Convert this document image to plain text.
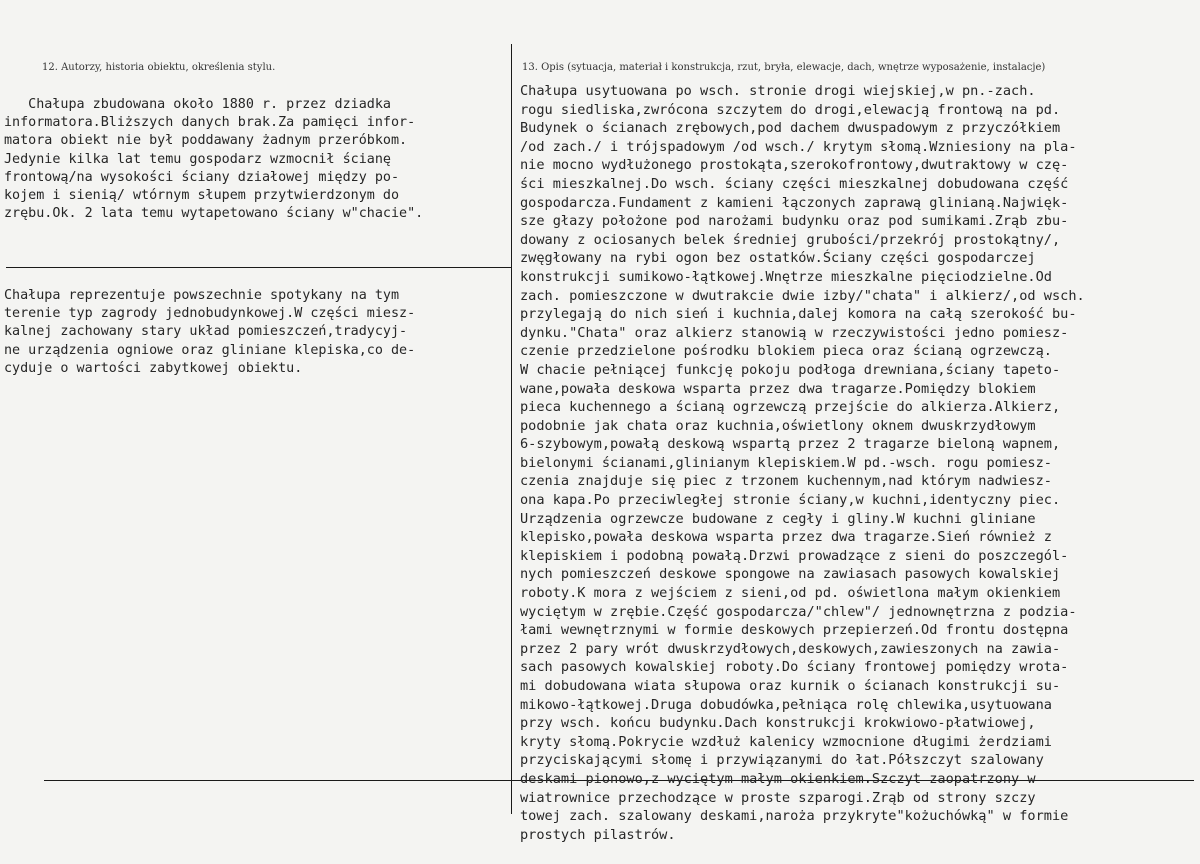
12. Autorzy, historia obiektu, określenia stylu.	13. Opis (sytuacja, materiał i konstrukcja, rzut, bryła, elewacje, dach, wnętrze wyposażenie, instalacje)
Chałupa zbudowana około 1880 r. przez dziadka
informatora.Bliższych danych brak.Za pamięci infor-
matora obiekt nie był poddawany żadnym przeróbkom.
Jedynie kilka lat temu gospodarz wzmocnił ścianę
frontową/na wysokości ściany działowej między po-
kojem i sienią/ wtórnym słupem przytwierdzonym do
zrębu.Ok. 2 lata temu wytapetowano ściany w"chacie".
Chałupa reprezentuje powszechnie spotykany na tym
terenie typ zagrody jednobudynkowej.W części miesz-
kalnej zachowany stary układ pomieszczeń,tradycyj-
ne urządzenia ogniowe oraz gliniane klepiska,co de-
cyduje o wartości zabytkowej obiektu.
Chałupa usytuowana po wsch. stronie drogi wiejskiej,w pn.-zach.
rogu siedliska,zwrócona szczytem do drogi,elewacją frontową na pd.
Budynek o ścianach zrębowych,pod dachem dwuspadowym z przyczółkiem
/od zach./ i trójspadowym /od wsch./ krytym słomą.Wzniesiony na pla-
nie mocno wydłużonego prostokąta,szerokofrontowy,dwutraktowy w czę-
ści mieszkalnej.Do wsch. ściany części mieszkalnej dobudowana część
gospodarcza.Fundament z kamieni łączonych zaprawą glinianą.Najwięk-
sze głazy położone pod narożami budynku oraz pod sumikami.Zrąb zbu-
dowany z ociosanych belek średniej grubości/przekrój prostokątny/,
zwęgłowany na rybi ogon bez ostatków.Ściany części gospodarczej
konstrukcji sumikowo-łątkowej.Wnętrze mieszkalne pięciodzielne.Od
zach. pomieszczone w dwutrakcie dwie izby/"chata" i alkierz/,od wsch.
przylegają do nich sień i kuchnia,dalej komora na całą szerokość bu-
dynku."Chata" oraz alkierz stanowią w rzeczywistości jedno pomiesz-
czenie przedzielone pośrodku blokiem pieca oraz ścianą ogrzewczą.
W chacie pełniącej funkcję pokoju podłoga drewniana,ściany tapeto-
wane,powała deskowa wsparta przez dwa tragarze.Pomiędzy blokiem
pieca kuchennego a ścianą ogrzewczą przejście do alkierza.Alkierz,
podobnie jak chata oraz kuchnia,oświetlony oknem dwuskrzydłowym
6-szybowym,powałą deskową wspartą przez 2 tragarze bieloną wapnem,
bielonymi ścianami,glinianym klepiskiem.W pd.-wsch. rogu pomiesz-
czenia znajduje się piec z trzonem kuchennym,nad którym nadwiesz-
ona kapa.Po przeciwległej stronie ściany,w kuchni,identyczny piec.
Urządzenia ogrzewcze budowane z cegły i gliny.W kuchni gliniane
klepisko,powała deskowa wsparta przez dwa tragarze.Sień również z
klepiskiem i podobną powałą.Drzwi prowadzące z sieni do poszczegól-
nych pomieszczeń deskowe spongowe na zawiasach pasowych kowalskiej
roboty.K mora z wejściem z sieni,od pd. oświetlona małym okienkiem
wyciętym w zrębie.Część gospodarcza/"chlew"/ jednownętrzna z podzia-
łami wewnętrznymi w formie deskowych przepierzeń.Od frontu dostępna
przez 2 pary wrót dwuskrzydłowych,deskowych,zawieszonych na zawia-
sach pasowych kowalskiej roboty.Do ściany frontowej pomiędzy wrota-
mi dobudowana wiata słupowa oraz kurnik o ścianach konstrukcji su-
mikowo-łątkowej.Druga dobudówka,pełniąca rolę chlewika,usytuowana
przy wsch. końcu budynku.Dach konstrukcji krokwiowo-płatwiowej,
kryty słomą.Pokrycie wzdłuż kalenicy wzmocnione długimi żerdziami
przyciskającymi słomę i przywiązanymi do łat.Półszczyt szalowany
deskami pionowo,z wyciętym małym okienkiem.Szczyt zaopatrzony w
wiatrownice przechodzące w proste szparogi.Zrąb od strony szczy
towej zach. szalowany deskami,naroża przykryte"kożuchówką" w formie
prostych pilastrów.
